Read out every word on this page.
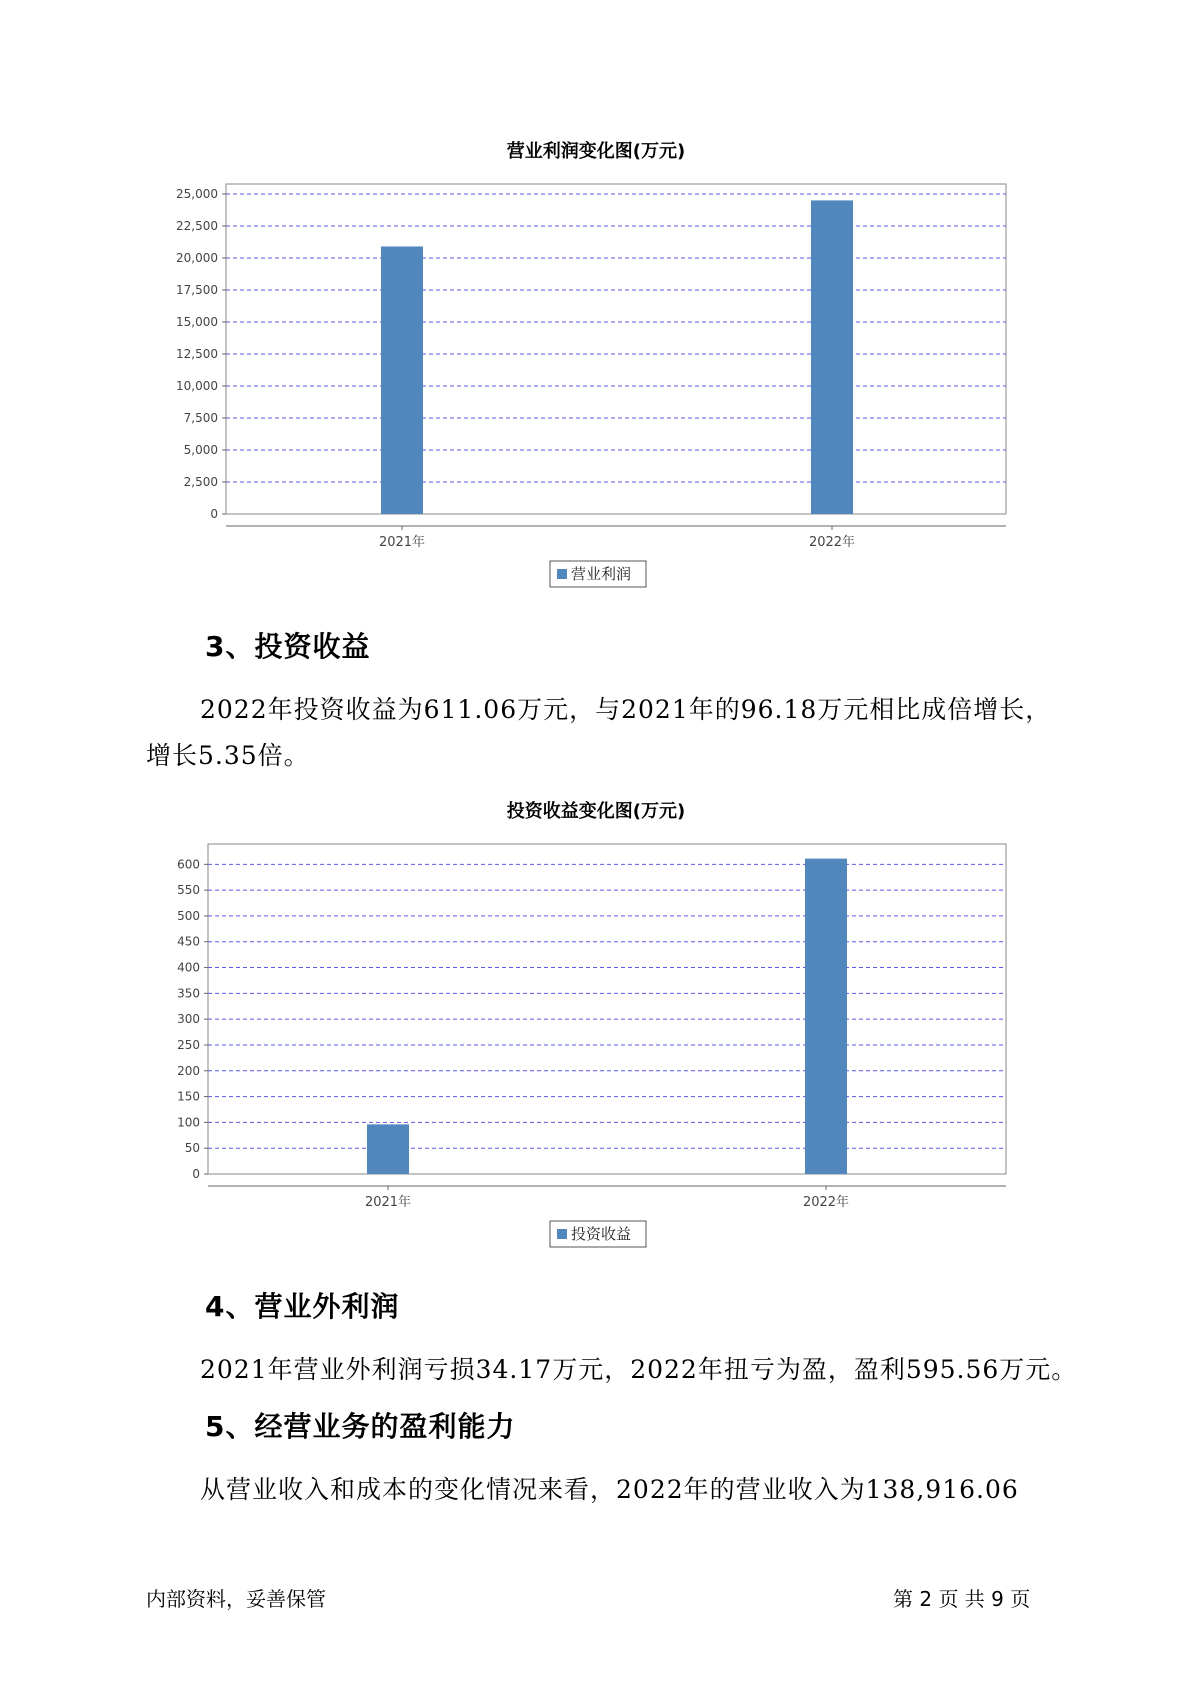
营业利润变化图(万元)
0
2,500
5,000
7,500
10,000
12,500
15,000
17,500
20,000
22,500
25,000
2021年	2022年
营业利润
3、投资收益
2022年投资收益为611.06万元，与2021年的96.18万元相比成倍增长，
增长5.35倍。
投资收益变化图(万元)
0
50
100
150
200
250
300
350
400
450
500
550
600
2021年	2022年
投资收益
4、营业外利润
2021年营业外利润亏损34.17万元，2022年扭亏为盈，盈利595.56万元。
5、经营业务的盈利能力
从营业收入和成本的变化情况来看，2022年的营业收入为138,916.06
内部资料，妥善保管	第 2 页 共 9 页
